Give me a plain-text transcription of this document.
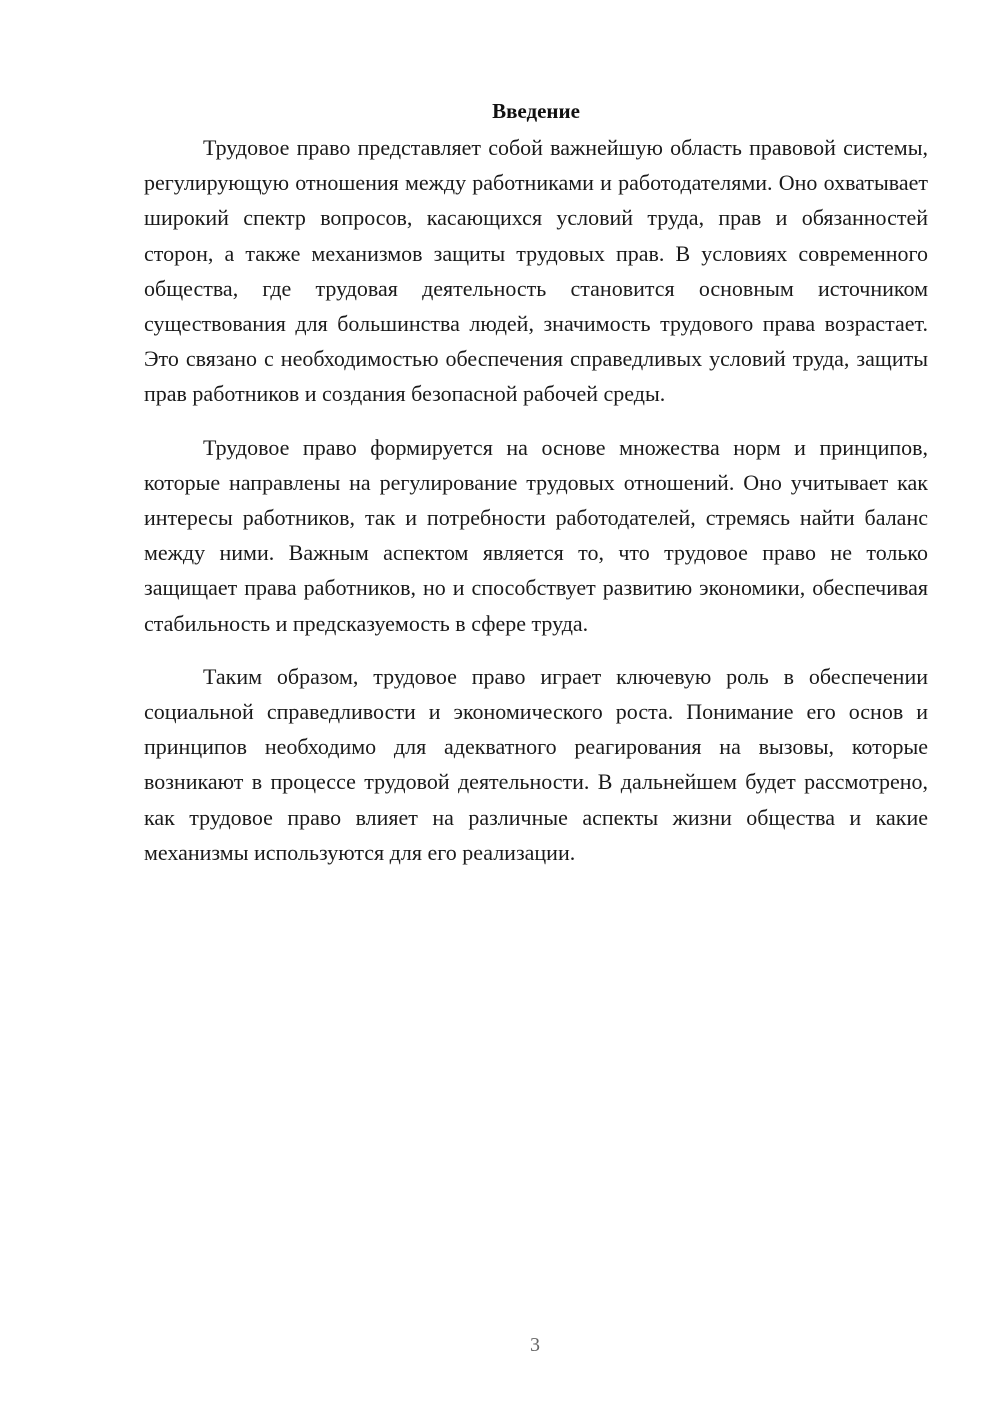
Введение

Трудовое право представляет собой важнейшую область правовой системы, регулирующую отношения между работниками и работодателями. Оно охватывает широкий спектр вопросов, касающихся условий труда, прав и обязанностей сторон, а также механизмов защиты трудовых прав. В условиях современного общества, где трудовая деятельность становится основным источником существования для большинства людей, значимость трудового права возрастает. Это связано с необходимостью обеспечения справедливых условий труда, защиты прав работников и создания безопасной рабочей среды.

Трудовое право формируется на основе множества норм и принципов, которые направлены на регулирование трудовых отношений. Оно учитывает как интересы работников, так и потребности работодателей, стремясь найти баланс между ними. Важным аспектом является то, что трудовое право не только защищает права работников, но и способствует развитию экономики, обеспечивая стабильность и предсказуемость в сфере труда.

Таким образом, трудовое право играет ключевую роль в обеспечении социальной справедливости и экономического роста. Понимание его основ и принципов необходимо для адекватного реагирования на вызовы, которые возникают в процессе трудовой деятельности. В дальнейшем будет рассмотрено, как трудовое право влияет на различные аспекты жизни общества и какие механизмы используются для его реализации.

3
